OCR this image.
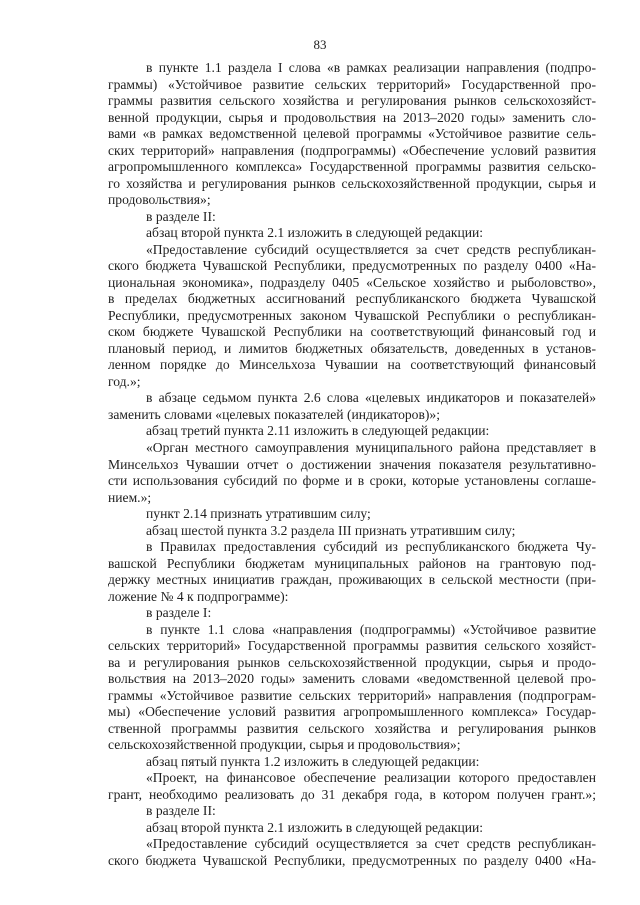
83
в пункте 1.1 раздела I слова «в рамках реализации направления (подпро-
граммы) «Устойчивое развитие сельских территорий» Государственной про-
граммы развития сельского хозяйства и регулирования рынков сельскохозяйст-
венной продукции, сырья и продовольствия на 2013–2020 годы» заменить сло-
вами «в рамках ведомственной целевой программы «Устойчивое развитие сель-
ских территорий» направления (подпрограммы) «Обеспечение условий развития
агропромышленного комплекса» Государственной программы развития сельско-
го хозяйства и регулирования рынков сельскохозяйственной продукции, сырья и
продовольствия»;
в разделе II:
абзац второй пункта 2.1 изложить в следующей редакции:
«Предоставление субсидий осуществляется за счет средств республикан-
ского бюджета Чувашской Республики, предусмотренных по разделу 0400 «На-
циональная экономика», подразделу 0405 «Сельское хозяйство и рыболовство»,
в пределах бюджетных ассигнований республиканского бюджета Чувашской
Республики, предусмотренных законом Чувашской Республики о республикан-
ском бюджете Чувашской Республики на соответствующий финансовый год и
плановый период, и лимитов бюджетных обязательств, доведенных в установ-
ленном порядке до Минсельхоза Чувашии на соответствующий финансовый
год.»;
в абзаце седьмом пункта 2.6 слова «целевых индикаторов и показателей»
заменить словами «целевых показателей (индикаторов)»;
абзац третий пункта 2.11 изложить в следующей редакции:
«Орган местного самоуправления муниципального района представляет в
Минсельхоз Чувашии отчет о достижении значения показателя результативно-
сти использования субсидий по форме и в сроки, которые установлены соглаше-
нием.»;
пункт 2.14 признать утратившим силу;
абзац шестой пункта 3.2 раздела III признать утратившим силу;
в Правилах предоставления субсидий из республиканского бюджета Чу-
вашской Республики бюджетам муниципальных районов на грантовую под-
держку местных инициатив граждан, проживающих в сельской местности (при-
ложение № 4 к подпрограмме):
в разделе I:
в пункте 1.1 слова «направления (подпрограммы) «Устойчивое развитие
сельских территорий» Государственной программы развития сельского хозяйст-
ва и регулирования рынков сельскохозяйственной продукции, сырья и продо-
вольствия на 2013–2020 годы» заменить словами «ведомственной целевой про-
граммы «Устойчивое развитие сельских территорий» направления (подпрограм-
мы) «Обеспечение условий развития агропромышленного комплекса» Государ-
ственной программы развития сельского хозяйства и регулирования рынков
сельскохозяйственной продукции, сырья и продовольствия»;
абзац пятый пункта 1.2 изложить в следующей редакции:
«Проект, на финансовое обеспечение реализации которого предоставлен
грант, необходимо реализовать до 31 декабря года, в котором получен грант.»;
в разделе II:
абзац второй пункта 2.1 изложить в следующей редакции:
«Предоставление субсидий осуществляется за счет средств республикан-
ского бюджета Чувашской Республики, предусмотренных по разделу 0400 «На-
